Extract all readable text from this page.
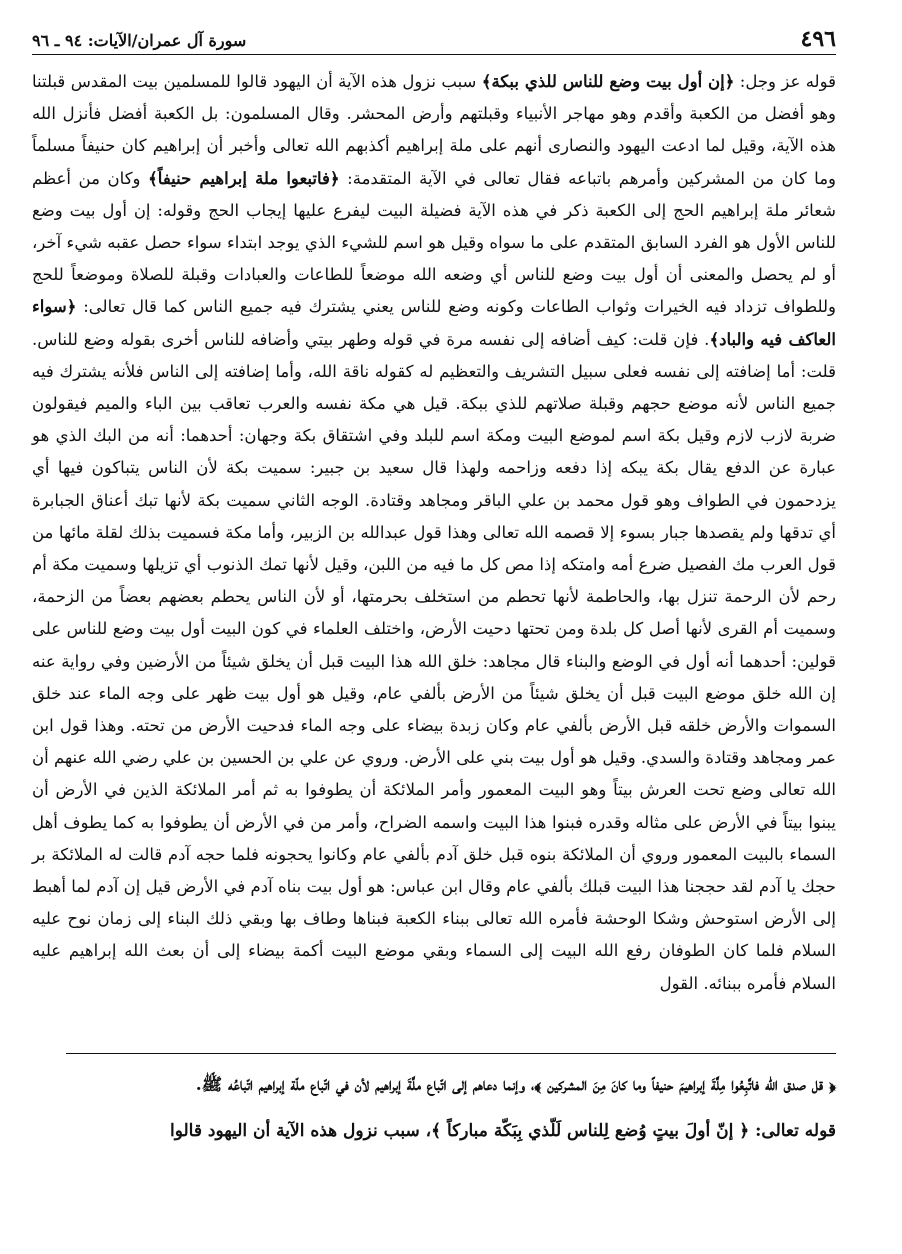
٤٩٦
سورة آل عمران/الآيات: ٩٤ ـ ٩٦

قوله عز وجل: ﴿إن أول بيت وضع للناس للذي ببكة﴾ سبب نزول هذه الآية أن اليهود قالوا للمسلمين بيت المقدس قبلتنا وهو أفضل من الكعبة وأقدم وهو مهاجر الأنبياء وقبلتهم وأرض المحشر. وقال المسلمون: بل الكعبة أفضل فأنزل الله هذه الآية، وقيل لما ادعت اليهود والنصارى أنهم على ملة إبراهيم أكذبهم الله تعالى وأخبر أن إبراهيم كان حنيفاً مسلماً وما كان من المشركين وأمرهم باتباعه فقال تعالى في الآية المتقدمة: ﴿فاتبعوا ملة إبراهيم حنيفاً﴾ وكان من أعظم شعائر ملة إبراهيم الحج إلى الكعبة ذكر في هذه الآية فضيلة البيت ليفرع عليها إيجاب الحج وقوله: إن أول بيت وضع للناس الأول هو الفرد السابق المتقدم على ما سواه وقيل هو اسم للشيء الذي يوجد ابتداء سواء حصل عقبه شيء آخر، أو لم يحصل والمعنى أن أول بيت وضع للناس أي وضعه الله موضعاً للطاعات والعبادات وقبلة للصلاة وموضعاً للحج وللطواف تزداد فيه الخيرات وثواب الطاعات وكونه وضع للناس يعني يشترك فيه جميع الناس كما قال تعالى: ﴿سواء العاكف فيه والباد﴾. فإن قلت: كيف أضافه إلى نفسه مرة في قوله وطهر بيتي وأضافه للناس أخرى بقوله وضع للناس. قلت: أما إضافته إلى نفسه فعلى سبيل التشريف والتعظيم له كقوله ناقة الله، وأما إضافته إلى الناس فلأنه يشترك فيه جميع الناس لأنه موضع حجهم وقبلة صلاتهم للذي ببكة. قيل هي مكة نفسه والعرب تعاقب بين الباء والميم فيقولون ضربة لازب لازم وقيل بكة اسم لموضع البيت ومكة اسم للبلد وفي اشتقاق بكة وجهان: أحدهما: أنه من البك الذي هو عبارة عن الدفع يقال بكة يبكه إذا دفعه وزاحمه ولهذا قال سعيد بن جبير: سميت بكة لأن الناس يتباكون فيها أي يزدحمون في الطواف وهو قول محمد بن علي الباقر ومجاهد وقتادة. الوجه الثاني سميت بكة لأنها تبك أعناق الجبابرة أي تدقها ولم يقصدها جبار بسوء إلا قصمه الله تعالى وهذا قول عبدالله بن الزبير، وأما مكة فسميت بذلك لقلة مائها من قول العرب مك الفصيل ضرع أمه وامتكه إذا مص كل ما فيه من اللبن، وقيل لأنها تمك الذنوب أي تزيلها وسميت مكة أم رحم لأن الرحمة تنزل بها، والحاطمة لأنها تحطم من استخلف بحرمتها، أو لأن الناس يحطم بعضهم بعضاً من الزحمة، وسميت أم القرى لأنها أصل كل بلدة ومن تحتها دحيت الأرض، واختلف العلماء في كون البيت أول بيت وضع للناس على قولين: أحدهما أنه أول في الوضع والبناء قال مجاهد: خلق الله هذا البيت قبل أن يخلق شيئاً من الأرضين وفي رواية عنه إن الله خلق موضع البيت قبل أن يخلق شيئاً من الأرض بألفي عام، وقيل هو أول بيت ظهر على وجه الماء عند خلق السموات والأرض خلقه قبل الأرض بألفي عام وكان زبدة بيضاء على وجه الماء فدحيت الأرض من تحته. وهذا قول ابن عمر ومجاهد وقتادة والسدي. وقيل هو أول بيت بني على الأرض. وروي عن علي بن الحسين بن علي رضي الله عنهم أن الله تعالى وضع تحت العرش بيتاً وهو البيت المعمور وأمر الملائكة أن يطوفوا به ثم أمر الملائكة الذين في الأرض أن يبنوا بيتاً في الأرض على مثاله وقدره فبنوا هذا البيت واسمه الضراح، وأمر من في الأرض أن يطوفوا به كما يطوف أهل السماء بالبيت المعمور وروي أن الملائكة بنوه قبل خلق آدم بألفي عام وكانوا يحجونه فلما حجه آدم قالت له الملائكة بر حجك يا آدم لقد حججنا هذا البيت قبلك بألفي عام وقال ابن عباس: هو أول بيت بناه آدم في الأرض قيل إن آدم لما أهبط إلى الأرض استوحش وشكا الوحشة فأمره الله تعالى ببناء الكعبة فبناها وطاف بها وبقي ذلك البناء إلى زمان نوح عليه السلام فلما كان الطوفان رفع الله البيت إلى السماء وبقي موضع البيت أكمة بيضاء إلى أن بعث الله إبراهيم عليه السلام فأمره ببنائه. القول

﴿ قل صدق الله فاتَّبِعُوا مِلَّةَ إبراهيمَ حنيفاً وما كانَ مِنَ المشركين ﴾، وإنما دعاهم إلى اتّباع ملَّةَ إبراهيم لأن في اتّباع ملّة إبراهيم اتّباعُه ﷺ.

قوله تعالى: ﴿ إنّ أولَ بيتٍ وُضع لِلناس لَلّذي بِبَكّة مباركاً ﴾، سبب نزول هذه الآية أن اليهود قالوا
